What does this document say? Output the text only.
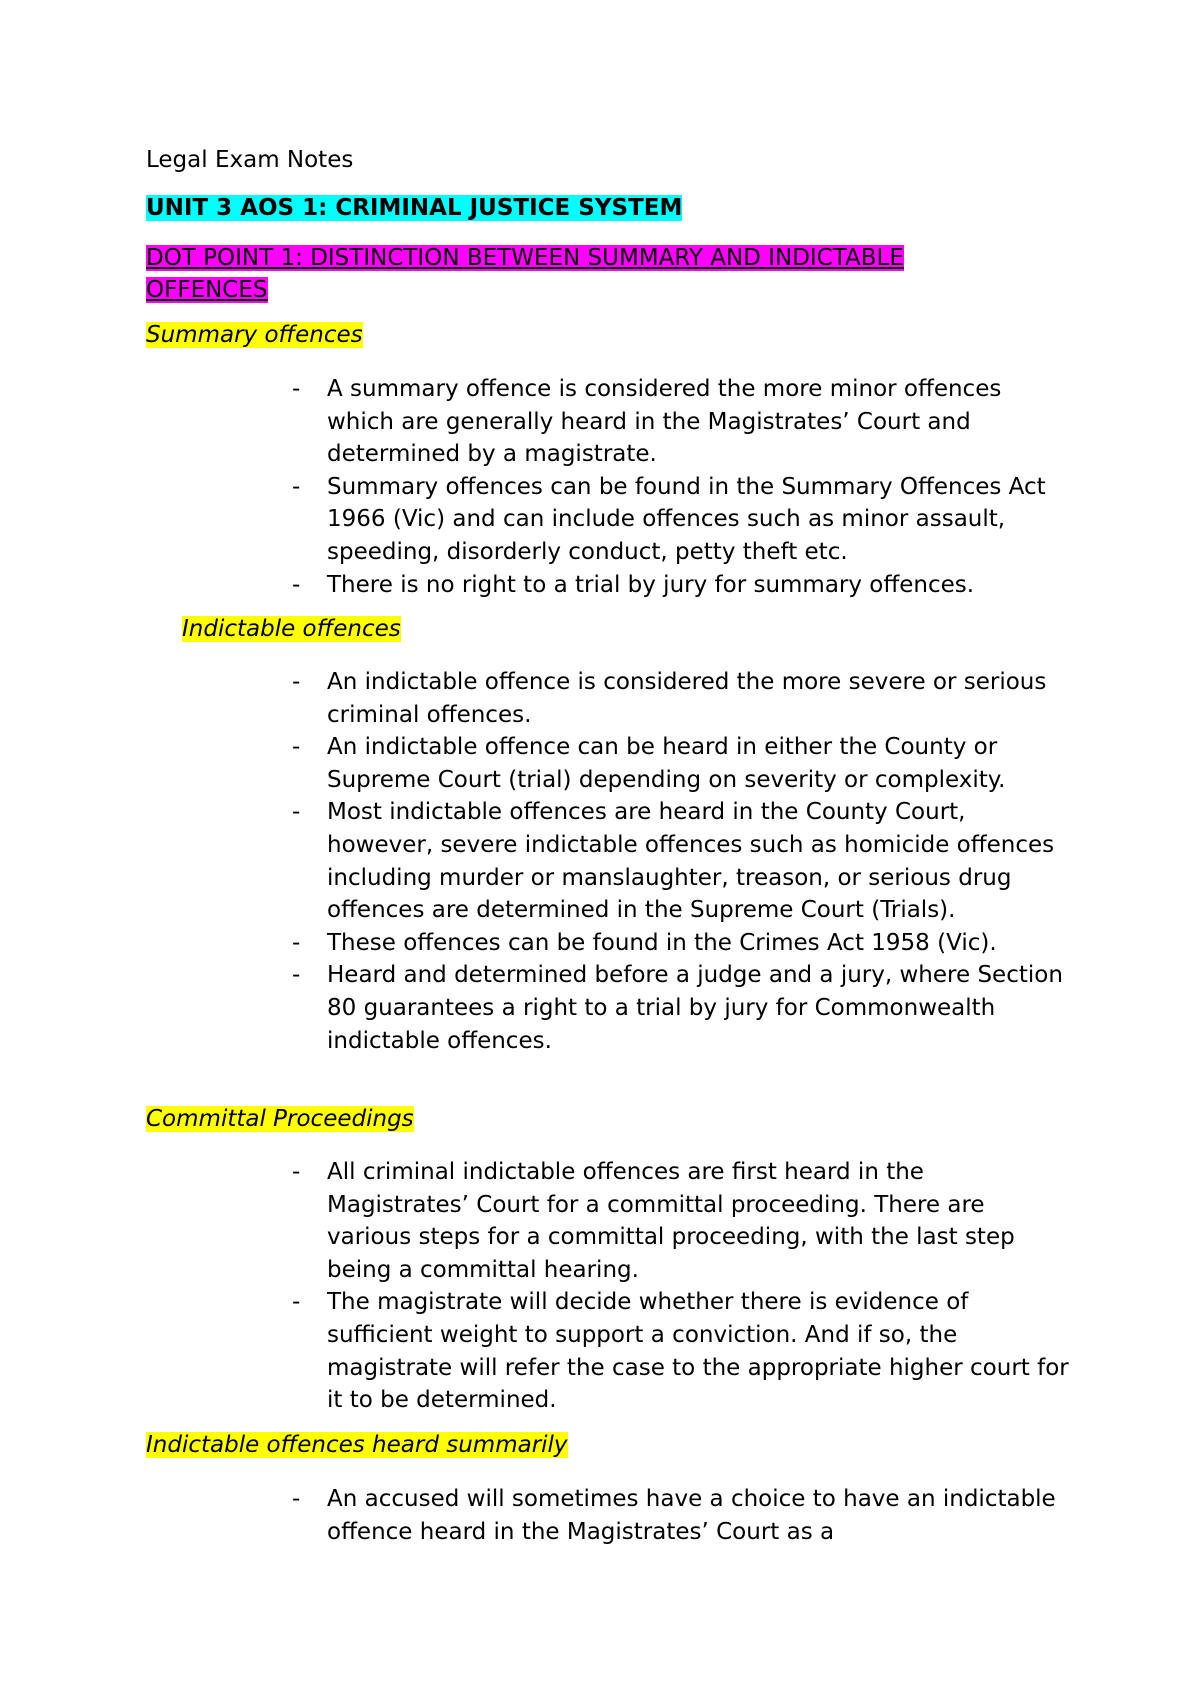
Legal Exam Notes
UNIT 3 AOS 1: CRIMINAL JUSTICE SYSTEM
DOT POINT 1: DISTINCTION BETWEEN SUMMARY AND INDICTABLE OFFENCES
Summary offences
- A summary offence is considered the more minor offences which are generally heard in the Magistrates’ Court and determined by a magistrate.
- Summary offences can be found in the Summary Offences Act 1966 (Vic) and can include offences such as minor assault, speeding, disorderly conduct, petty theft etc.
- There is no right to a trial by jury for summary offences.
Indictable offences
- An indictable offence is considered the more severe or serious criminal offences.
- An indictable offence can be heard in either the County or Supreme Court (trial) depending on severity or complexity.
- Most indictable offences are heard in the County Court, however, severe indictable offences such as homicide offences including murder or manslaughter, treason, or serious drug offences are determined in the Supreme Court (Trials).
- These offences can be found in the Crimes Act 1958 (Vic).
- Heard and determined before a judge and a jury, where Section 80 guarantees a right to a trial by jury for Commonwealth indictable offences.
Committal Proceedings
- All criminal indictable offences are first heard in the Magistrates’ Court for a committal proceeding. There are various steps for a committal proceeding, with the last step being a committal hearing.
- The magistrate will decide whether there is evidence of sufficient weight to support a conviction. And if so, the magistrate will refer the case to the appropriate higher court for it to be determined.
Indictable offences heard summarily
- An accused will sometimes have a choice to have an indictable offence heard in the Magistrates’ Court as a
